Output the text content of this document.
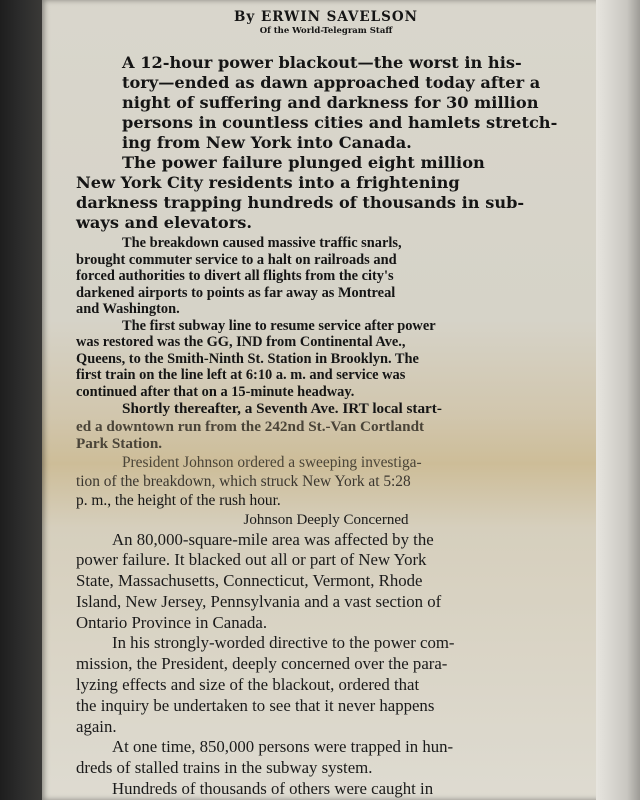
By ERWIN SAVELSON

Of the World-Telegram Staff

A 12-hour power blackout—the worst in his-
tory—ended as dawn approached today after a
night of suffering and darkness for 30 million
persons in countless cities and hamlets stretch-
ing from New York into Canada.

The power failure plunged eight million
New York City residents into a frightening
darkness trapping hundreds of thousands in sub-
ways and elevators.

The breakdown caused massive traffic snarls,
brought commuter service to a halt on railroads and
forced authorities to divert all flights from the city's
darkened airports to points as far away as Montreal
and Washington.

The first subway line to resume service after power
was restored was the GG, IND from Continental Ave.,
Queens, to the Smith-Ninth St. Station in Brooklyn. The
first train on the line left at 6:10 a. m. and service was
continued after that on a 15-minute headway.

Shortly thereafter, a Seventh Ave. IRT local start-
ed a downtown run from the 242nd St.-Van Cortlandt
Park Station.

President Johnson ordered a sweeping investiga-
tion of the breakdown, which struck New York at 5:28
p. m., the height of the rush hour.

Johnson Deeply Concerned

An 80,000-square-mile area was affected by the
power failure. It blacked out all or part of New York
State, Massachusetts, Connecticut, Vermont, Rhode
Island, New Jersey, Pennsylvania and a vast section of
Ontario Province in Canada.

In his strongly-worded directive to the power com-
mission, the President, deeply concerned over the para-
lyzing effects and size of the blackout, ordered that
the inquiry be undertaken to see that it never happens
again.

At one time, 850,000 persons were trapped in hun-
dreds of stalled trains in the subway system.

Hundreds of thousands of others were caught in
